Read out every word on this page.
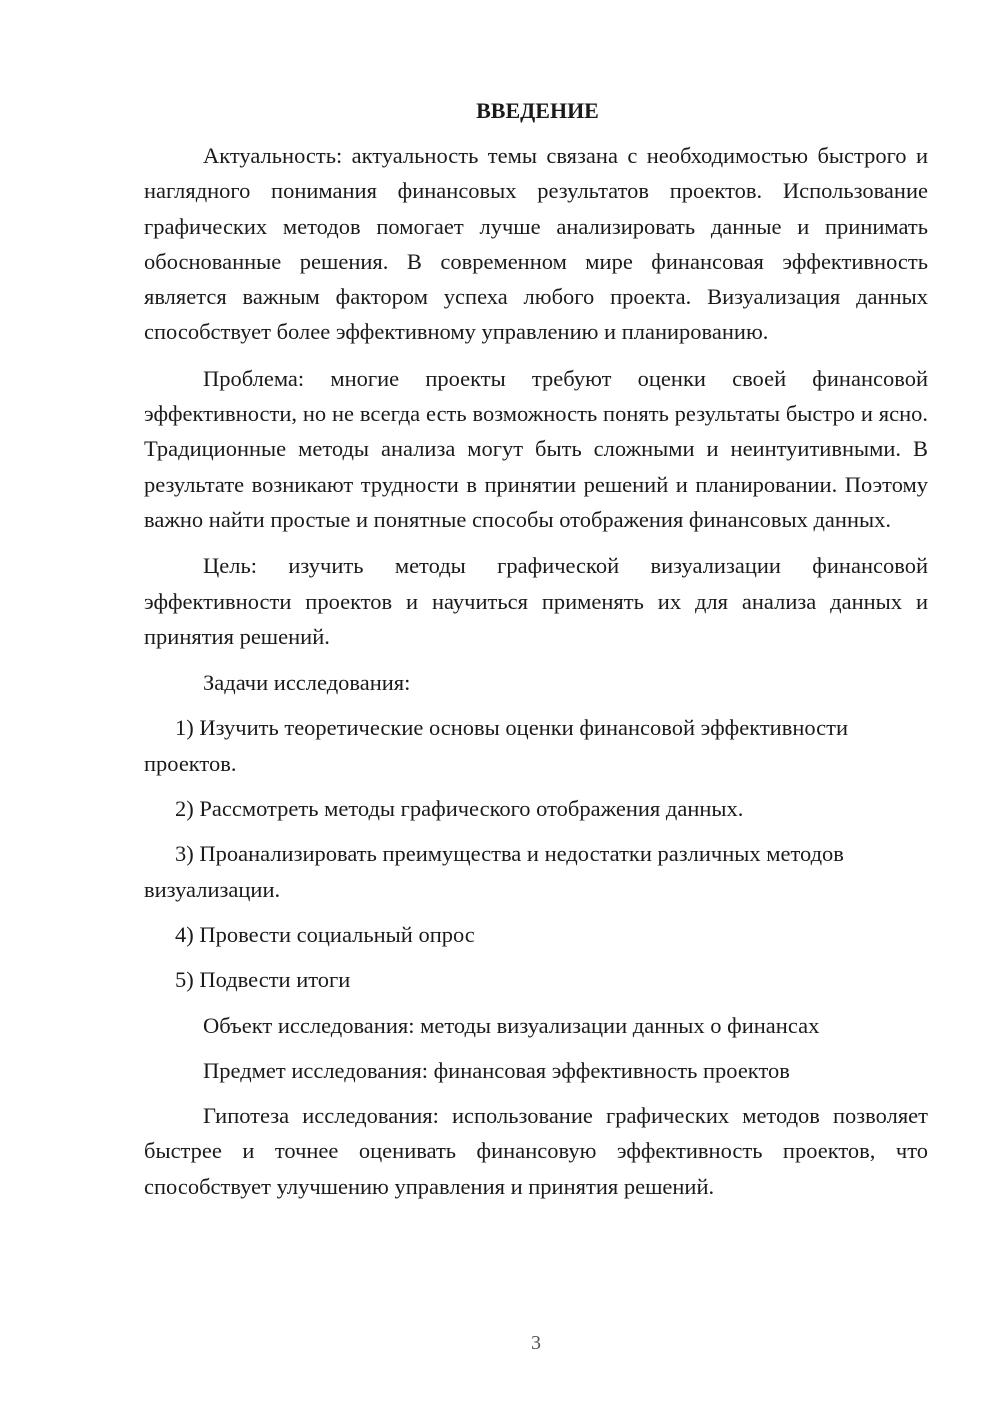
ВВЕДЕНИЕ

Актуальность: актуальность темы связана с необходимостью быстрого и наглядного понимания финансовых результатов проектов. Использование графических методов помогает лучше анализировать данные и принимать обоснованные решения. В современном мире финансовая эффективность является важным фактором успеха любого проекта. Визуализация данных способствует более эффективному управлению и планированию.

Проблема: многие проекты требуют оценки своей финансовой эффективности, но не всегда есть возможность понять результаты быстро и ясно. Традиционные методы анализа могут быть сложными и неинтуитивными. В результате возникают трудности в принятии решений и планировании. Поэтому важно найти простые и понятные способы отображения финансовых данных.

Цель: изучить методы графической визуализации финансовой эффективности проектов и научиться применять их для анализа данных и принятия решений.

Задачи исследования:

1) Изучить теоретические основы оценки финансовой эффективности проектов.

2) Рассмотреть методы графического отображения данных.

3) Проанализировать преимущества и недостатки различных методов визуализации.

4) Провести социальный опрос

5) Подвести итоги

Объект исследования: методы визуализации данных о финансах

Предмет исследования: финансовая эффективность проектов

Гипотеза исследования: использование графических методов позволяет быстрее и точнее оценивать финансовую эффективность проектов, что способствует улучшению управления и принятия решений.

3
